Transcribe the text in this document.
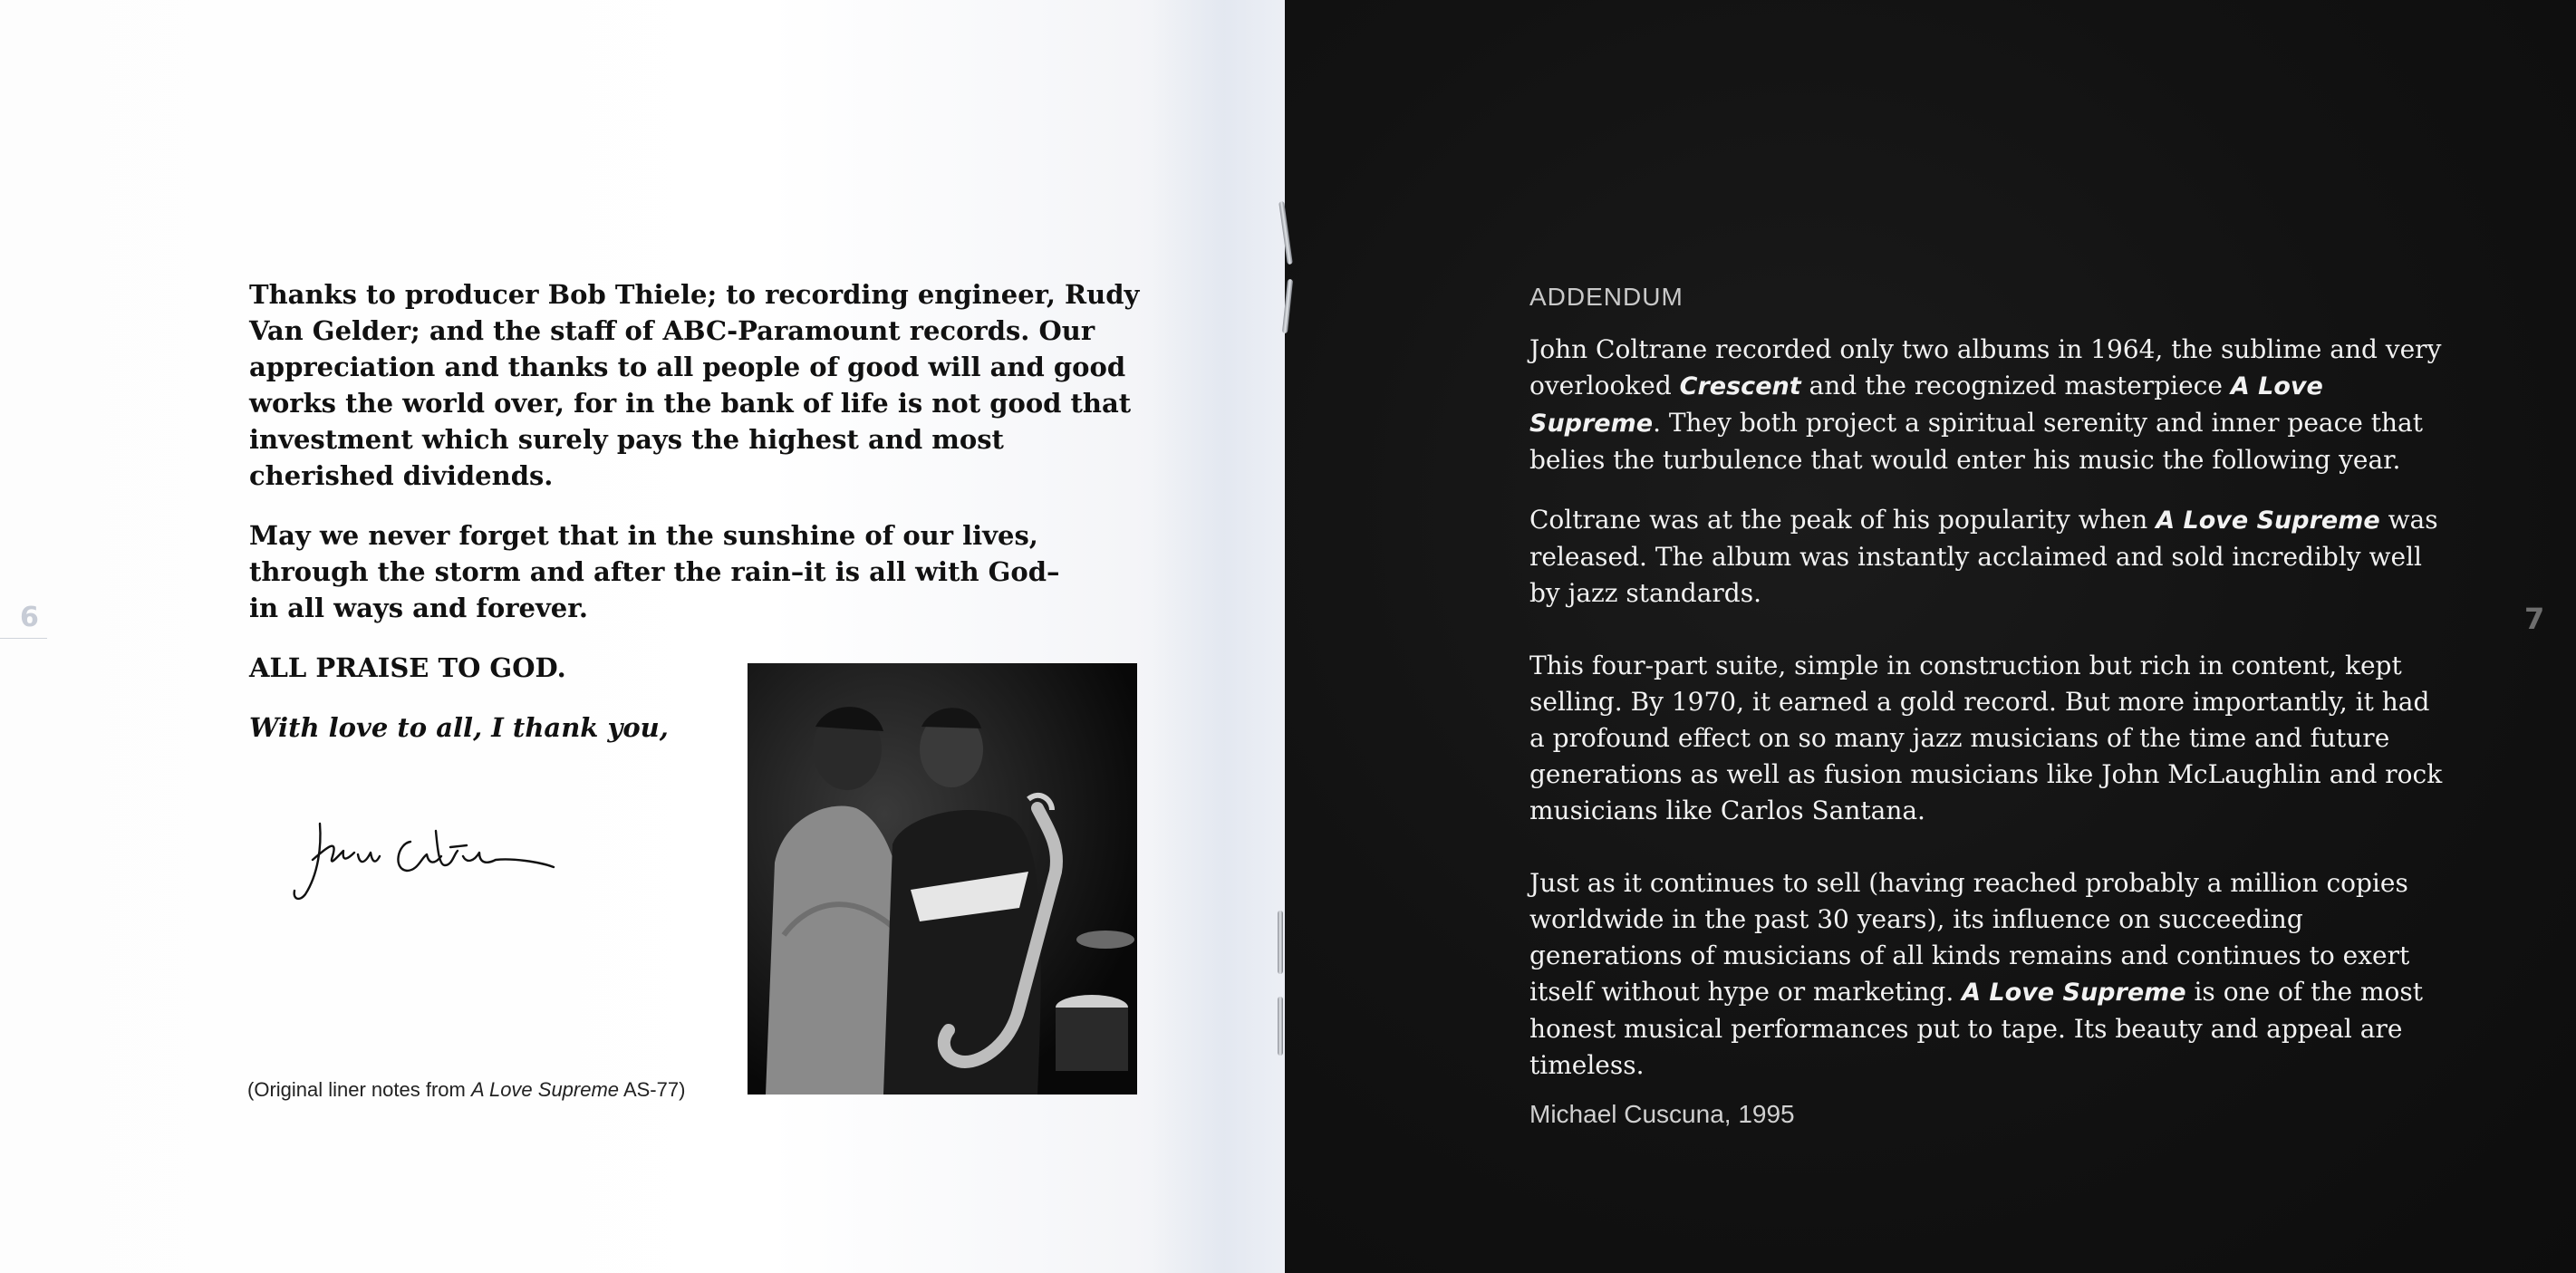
6

Thanks to producer Bob Thiele; to recording engineer, Rudy Van Gelder; and the staff of ABC-Paramount records. Our appreciation and thanks to all people of good will and good works the world over, for in the bank of life is not good that investment which surely pays the highest and most cherished dividends.

May we never forget that in the sunshine of our lives, through the storm and after the rain–it is all with God– in all ways and forever.

ALL PRAISE TO GOD.

With love to all, I thank you,

(Original liner notes from A Love Supreme AS-77)
ADDENDUM

John Coltrane recorded only two albums in 1964, the sublime and very overlooked Crescent and the recognized masterpiece A Love Supreme. They both project a spiritual serenity and inner peace that belies the turbulence that would enter his music the following year.

Coltrane was at the peak of his popularity when A Love Supreme was released. The album was instantly acclaimed and sold incredibly well by jazz standards.

This four-part suite, simple in construction but rich in content, kept selling. By 1970, it earned a gold record. But more importantly, it had a profound effect on so many jazz musicians of the time and future generations as well as fusion musicians like John McLaughlin and rock musicians like Carlos Santana.

Just as it continues to sell (having reached probably a million copies worldwide in the past 30 years), its influence on succeeding generations of musicians of all kinds remains and continues to exert itself without hype or marketing. A Love Supreme is one of the most honest musical performances put to tape. Its beauty and appeal are timeless.

Michael Cuscuna, 1995
7
